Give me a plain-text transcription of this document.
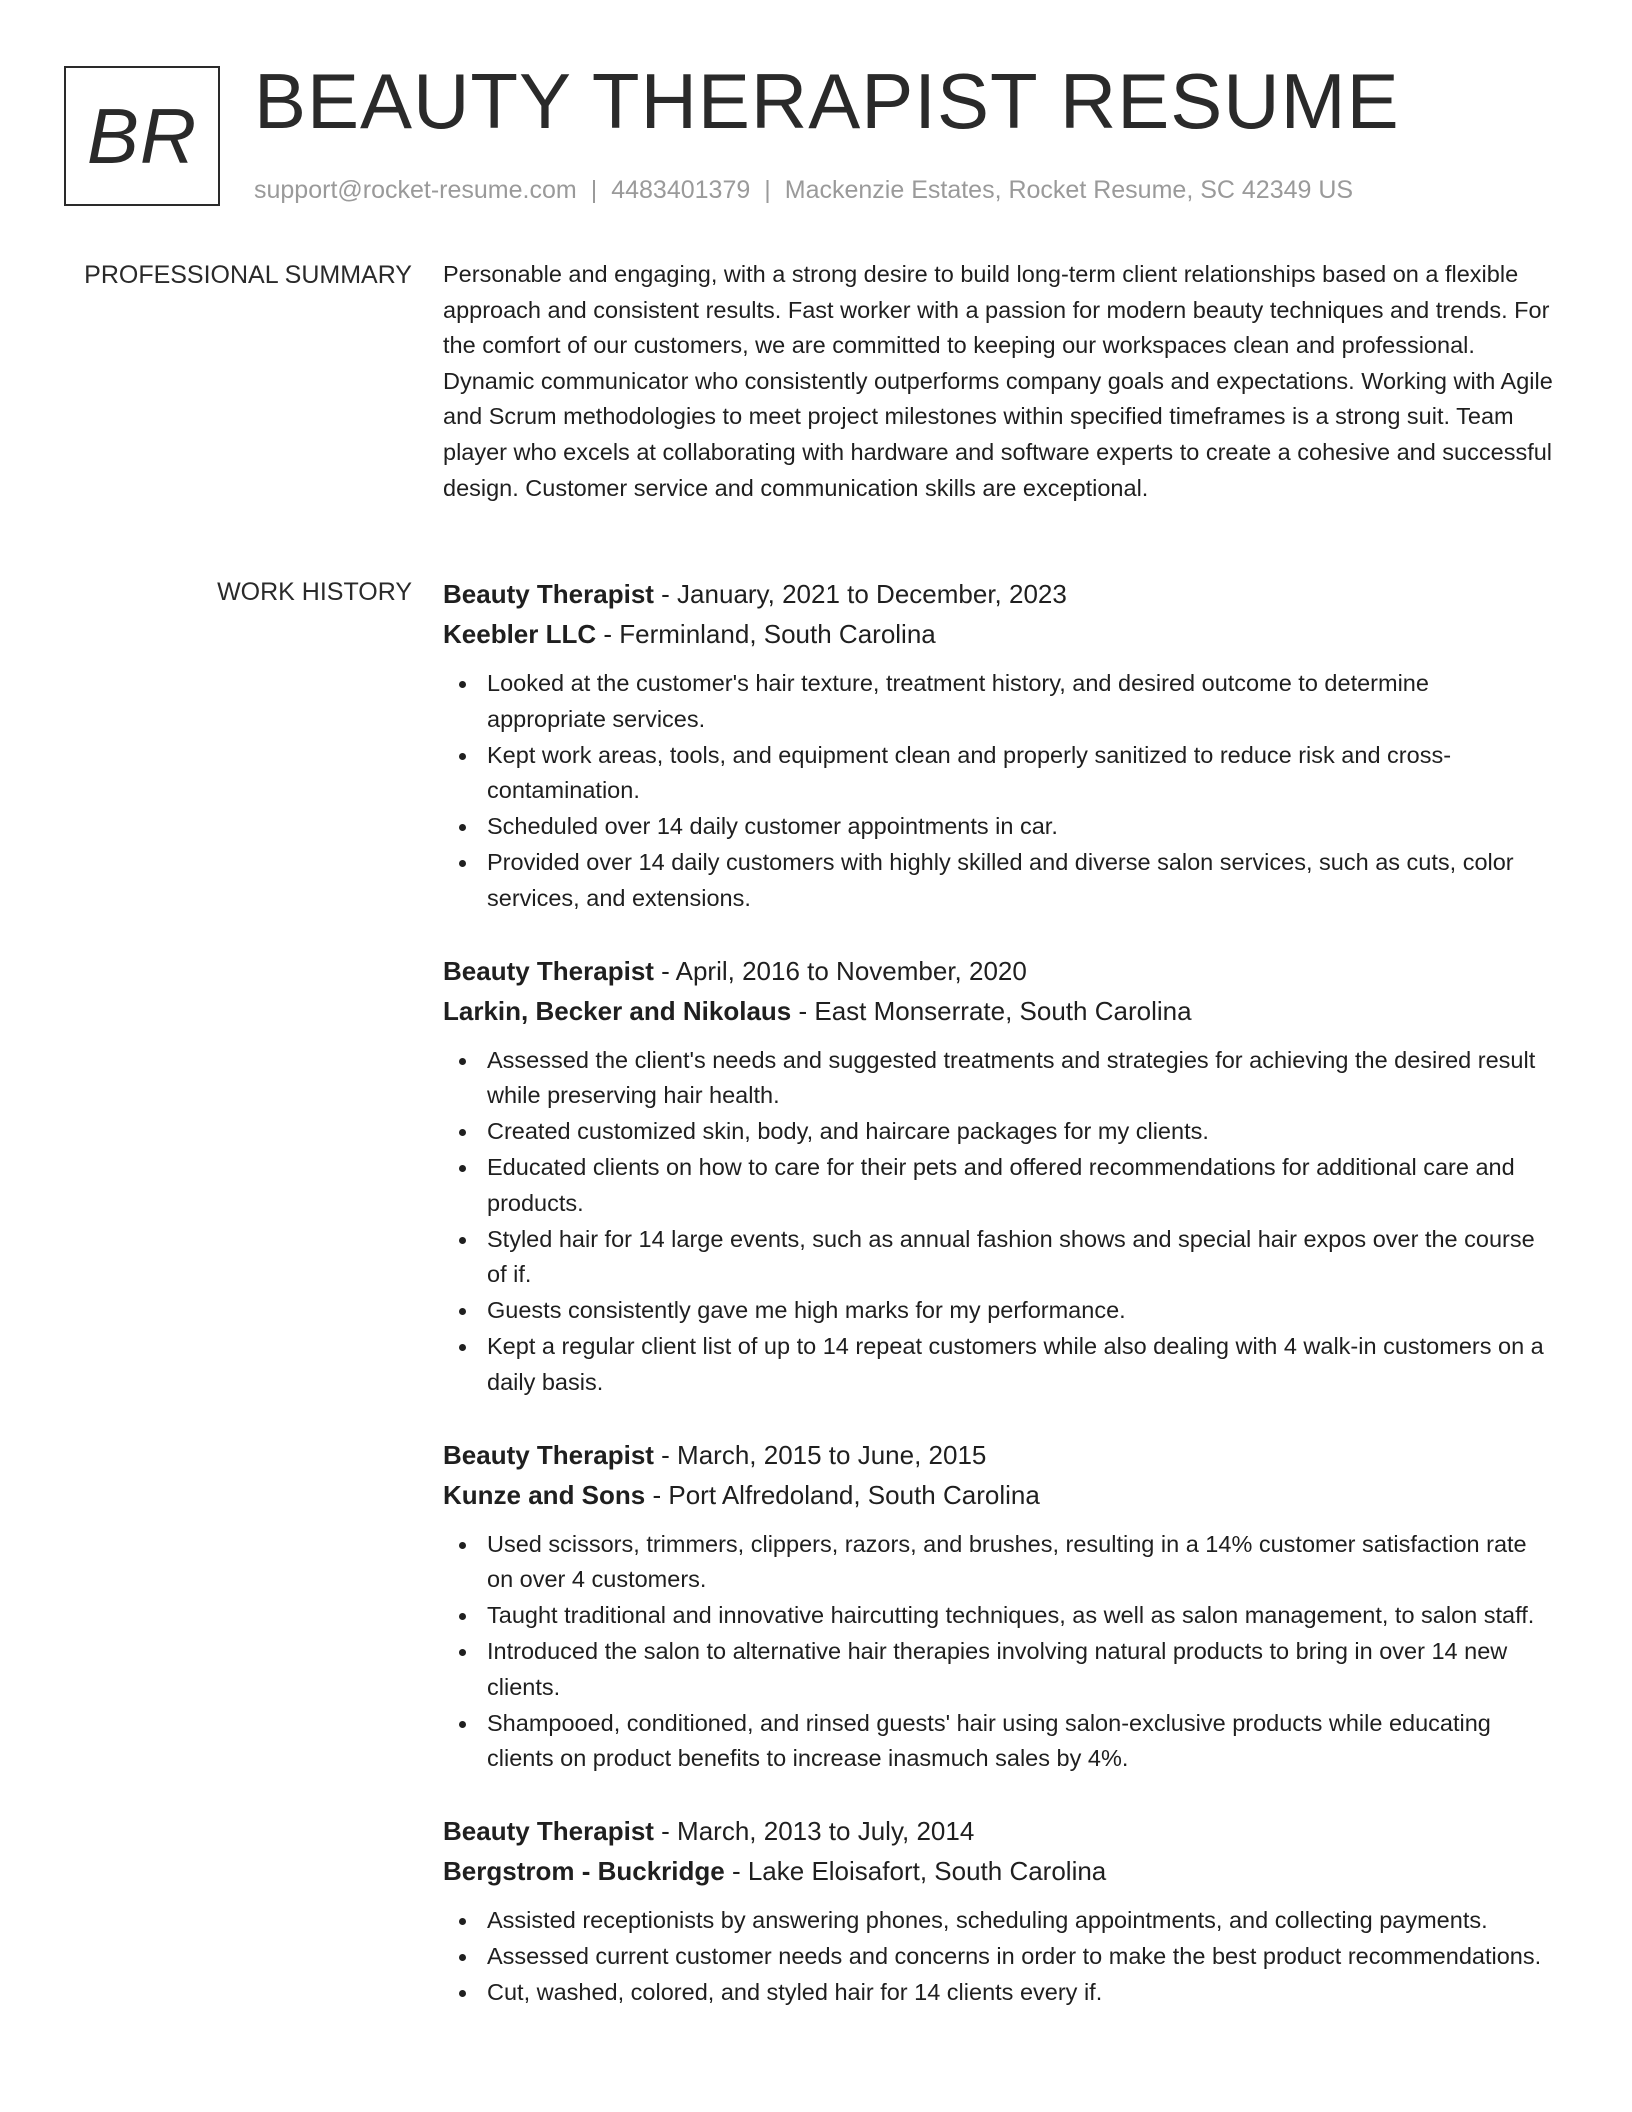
BR BEAUTY THERAPIST RESUME
support@rocket-resume.com | 4483401379 | Mackenzie Estates, Rocket Resume, SC 42349 US
PROFESSIONAL SUMMARY Personable and engaging, with a strong desire to build long-term client relationships based on a flexible approach and consistent results. Fast worker with a passion for modern beauty techniques and trends. For the comfort of our customers, we are committed to keeping our workspaces clean and professional. Dynamic communicator who consistently outperforms company goals and expectations. Working with Agile and Scrum methodologies to meet project milestones within specified timeframes is a strong suit. Team player who excels at collaborating with hardware and software experts to create a cohesive and successful design. Customer service and communication skills are exceptional.

WORK HISTORY Beauty Therapist - January, 2021 to December, 2023
Keebler LLC - Ferminland, South Carolina
Looked at the customer's hair texture, treatment history, and desired outcome to determine appropriate services.
Kept work areas, tools, and equipment clean and properly sanitized to reduce risk and cross-contamination.
Scheduled over 14 daily customer appointments in car.
Provided over 14 daily customers with highly skilled and diverse salon services, such as cuts, color services, and extensions.
Beauty Therapist - April, 2016 to November, 2020
Larkin, Becker and Nikolaus - East Monserrate, South Carolina
Assessed the client's needs and suggested treatments and strategies for achieving the desired result while preserving hair health.
Created customized skin, body, and haircare packages for my clients.
Educated clients on how to care for their pets and offered recommendations for additional care and products.
Styled hair for 14 large events, such as annual fashion shows and special hair expos over the course of if.
Guests consistently gave me high marks for my performance.
Kept a regular client list of up to 14 repeat customers while also dealing with 4 walk-in customers on a daily basis.
Beauty Therapist - March, 2015 to June, 2015
Kunze and Sons - Port Alfredoland, South Carolina
Used scissors, trimmers, clippers, razors, and brushes, resulting in a 14% customer satisfaction rate on over 4 customers.
Taught traditional and innovative haircutting techniques, as well as salon management, to salon staff.
Introduced the salon to alternative hair therapies involving natural products to bring in over 14 new clients.
Shampooed, conditioned, and rinsed guests' hair using salon-exclusive products while educating clients on product benefits to increase inasmuch sales by 4%.
Beauty Therapist - March, 2013 to July, 2014
Bergstrom - Buckridge - Lake Eloisafort, South Carolina
Assisted receptionists by answering phones, scheduling appointments, and collecting payments.
Assessed current customer needs and concerns in order to make the best product recommendations.
Cut, washed, colored, and styled hair for 14 clients every if.
